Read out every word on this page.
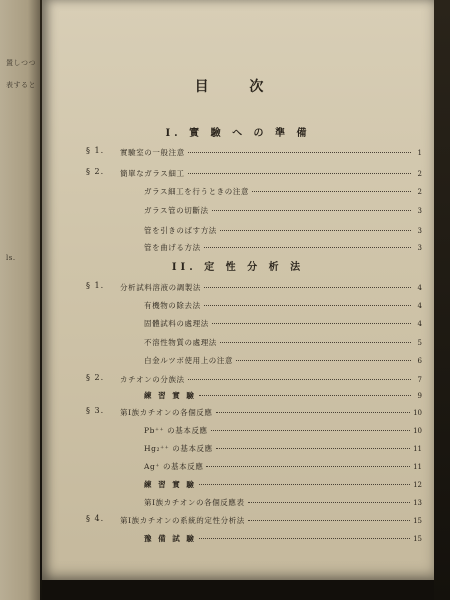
置しつつ
表すると
ls.
目 次
I. 實 驗 へ の 準 備
§ 1. 實驗室の一般注意	1
§ 2. 簡單なガラス細工	2
ガラス細工を行うときの注意	2
ガラス管の切斷法	3
管を引きのばす方法	3
管を曲げる方法	3
II. 定 性 分 析 法
§ 1. 分析試料溶液の調製法	4
有機物の除去法	4
固體試料の處理法	4
不溶性物質の處理法	5
白金ルツボ使用上の注意	6
§ 2. カチオンの分族法	7
練 習 實 驗	9
§ 3. 第Ⅰ族カチオンの各個反應	10
Pb⁺⁺ の基本反應	10
Hg₂⁺⁺ の基本反應	11
Ag⁺ の基本反應	11
練 習 實 驗	12
第Ⅰ族カチオンの各個反應表	13
§ 4. 第Ⅰ族カチオンの系統的定性分析法	15
豫 備 試 驗	15
